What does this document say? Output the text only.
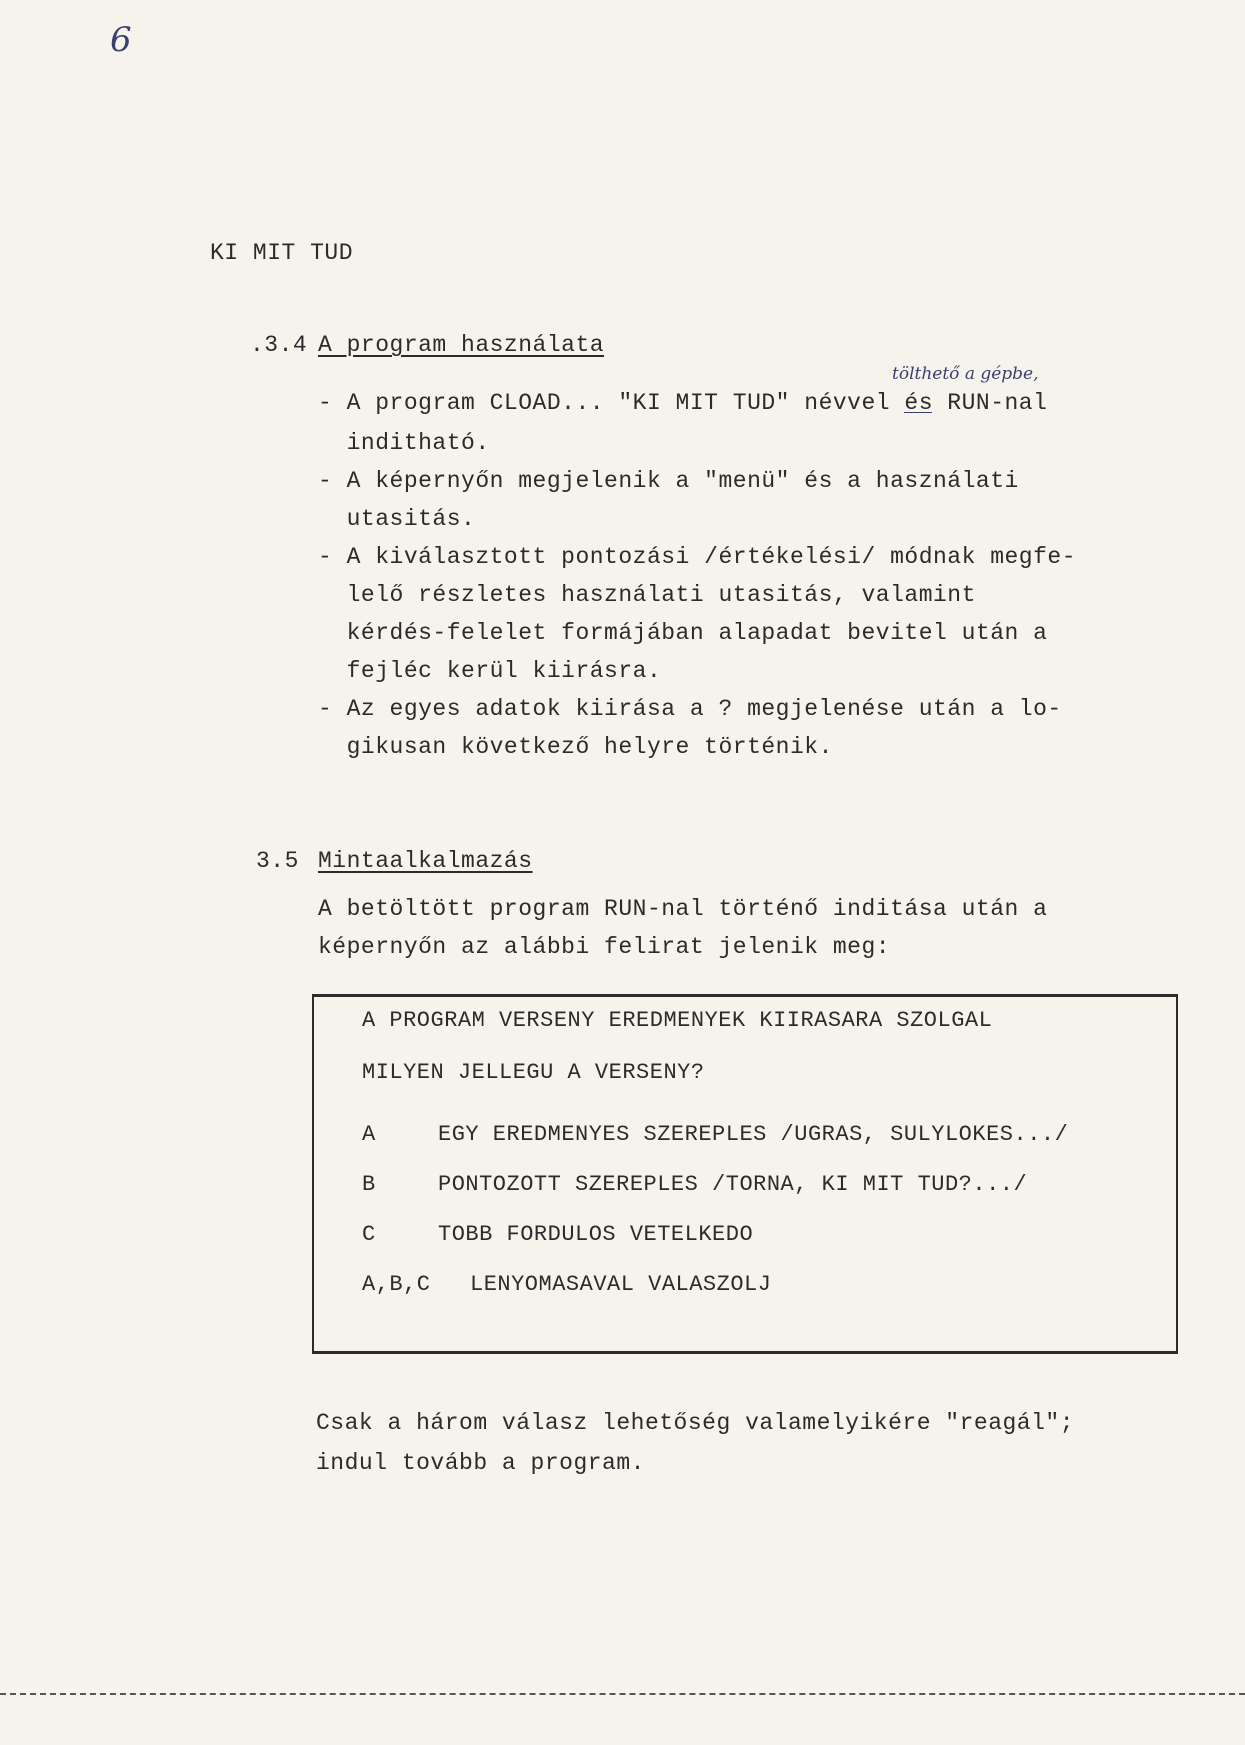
6
KI MIT TUD
.3.4 A program használata
tölthető a gépbe,
- A program CLOAD... "KI MIT TUD" névvel és RUN-nal
inditható.
- A képernyőn megjelenik a "menü" és a használati
utasitás.
- A kiválasztott pontozási /értékelési/ módnak megfe-
lelő részletes használati utasitás, valamint
kérdés-felelet formájában alapadat bevitel után a
fejléc kerül kiirásra.
- Az egyes adatok kiirása a ? megjelenése után a lo-
gikusan következő helyre történik.
3.5 Mintaalkalmazás
A betöltött program RUN-nal történő inditása után a
képernyőn az alábbi felirat jelenik meg:
A PROGRAM VERSENY EREDMENYEK KIIRASARA SZOLGAL
MILYEN JELLEGU A VERSENY?
A	EGY EREDMENYES SZEREPLES /UGRAS, SULYLOKES.../
B	PONTOZOTT SZEREPLES /TORNA, KI MIT TUD?.../
C	TOBB FORDULOS VETELKEDO
A,B,C LENYOMASAVAL VALASZOLJ
Csak a három válasz lehetőség valamelyikére "reagál";
indul tovább a program.
